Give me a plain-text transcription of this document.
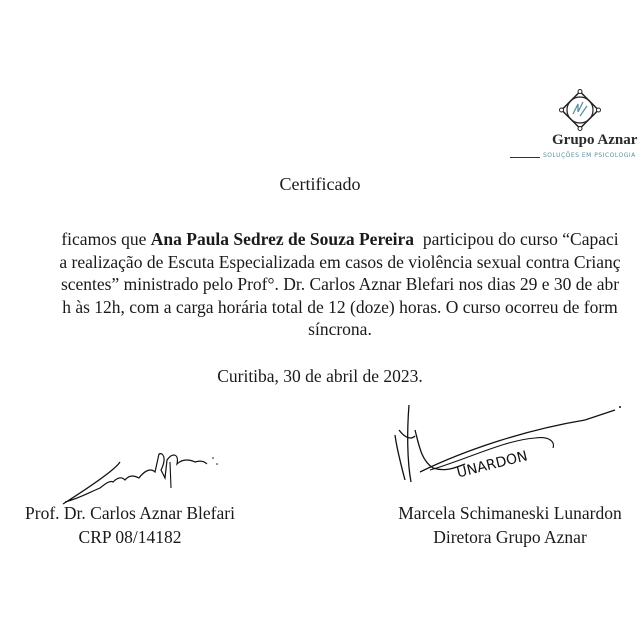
Grupo Aznar
SOLUÇÕES EM PSICOLOGIA
Certificado
ficamos que Ana Paula Sedrez de Souza Pereira  participou do curso “Capaci
a realização de Escuta Especializada em casos de violência sexual contra Crianç
scentes” ministrado pelo Prof°. Dr. Carlos Aznar Blefari nos dias 29 e 30 de abr
h às 12h, com a carga horária total de 12 (doze) horas. O curso ocorreu de form
síncrona.
Curitiba, 30 de abril de 2023.
UNARDON
Prof. Dr. Carlos Aznar Blefari
CRP 08/14182
Marcela Schimaneski Lunardon
Diretora Grupo Aznar
